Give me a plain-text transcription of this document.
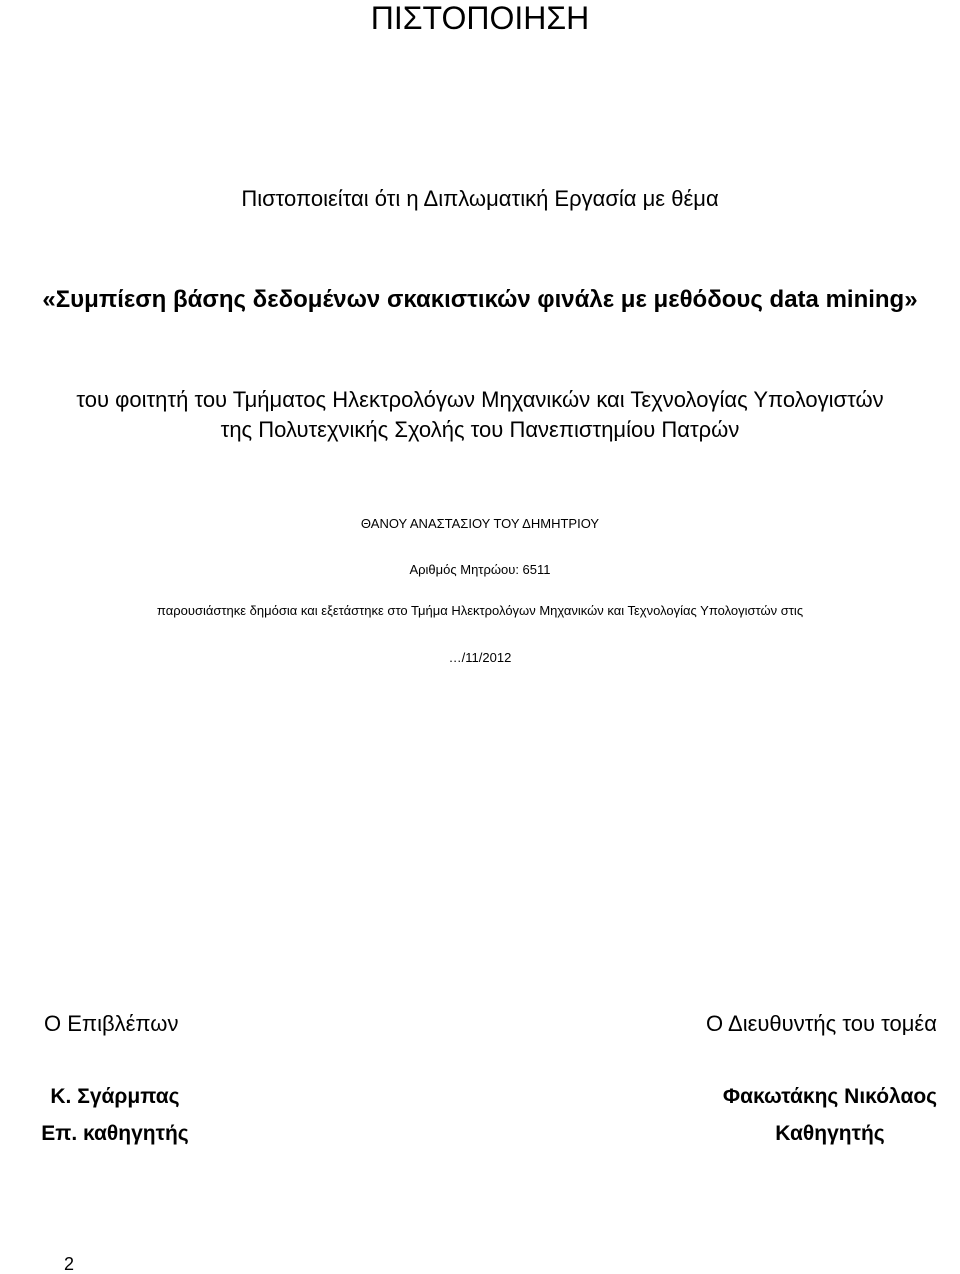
ΠΙΣΤΟΠΟΙΗΣΗ
Πιστοποιείται ότι η Διπλωματική Εργασία με θέμα
«Συμπίεση βάσης δεδομένων σκακιστικών φινάλε με μεθόδους data mining»
του φοιτητή του Τμήματος Ηλεκτρολόγων Μηχανικών και Τεχνολογίας Υπολογιστών
της Πολυτεχνικής Σχολής του Πανεπιστημίου Πατρών
ΘΑΝΟΥ ΑΝΑΣΤΑΣΙΟΥ ΤΟΥ ΔΗΜΗΤΡΙΟΥ
Αριθμός Μητρώου: 6511
παρουσιάστηκε δημόσια και εξετάστηκε στο Τμήμα Ηλεκτρολόγων Μηχανικών και Τεχνολογίας Υπολογιστών στις
…/11/2012
Ο Επιβλέπων	Ο Διευθυντής του τομέα
Κ. Σγάρμπας
Επ. καθηγητής
Φακωτάκης Νικόλαος
Καθηγητής
2
